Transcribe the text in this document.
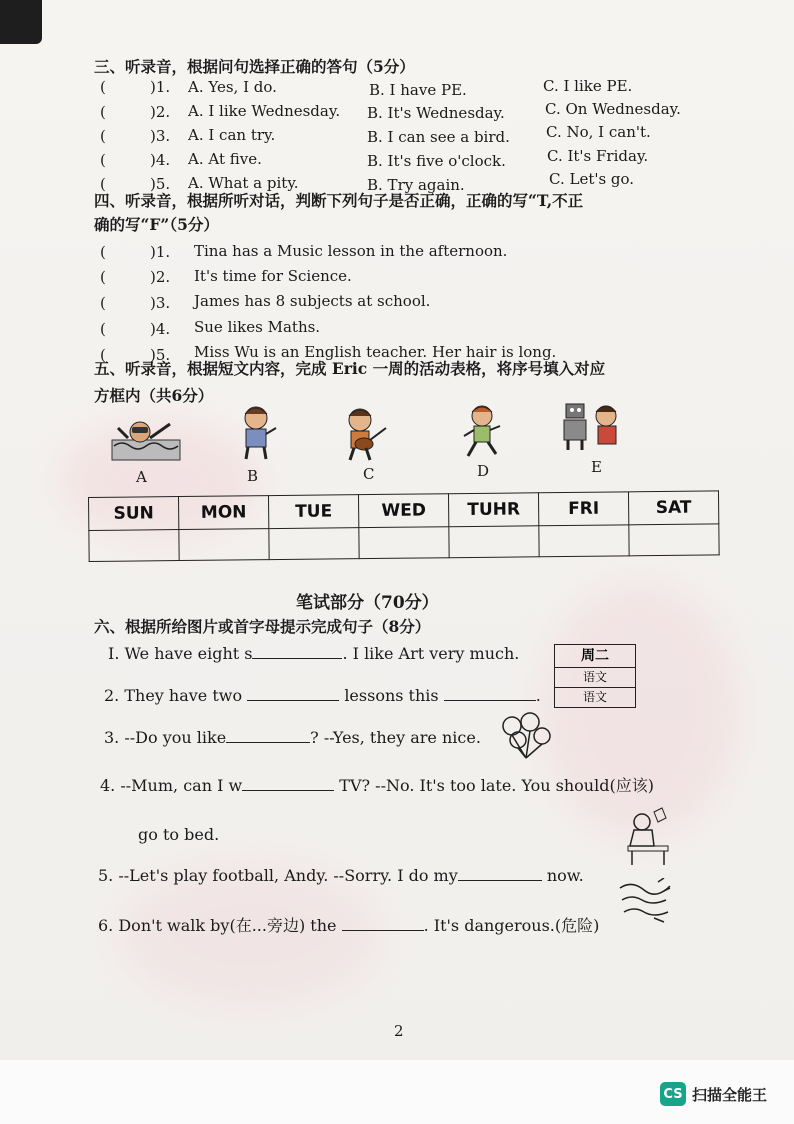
三、听录音，根据问句选择正确的答句（5分）
(	)1. A. Yes, I do.	B. I have PE.	C. I like PE.
(	)2. A. I like Wednesday. B. It's Wednesday.	C. On Wednesday.
(	)3. A. I can try.	B. I can see a bird. C. No, I can't.
(	)4. A. At five.	B. It's five o'clock.	C. It's Friday.
(	)5. A. What a pity.	B. Try again.	C. Let's go.
四、听录音，根据所听对话，判断下列句子是否正确，正确的写“T,不正
确的写“F”（5分）
(	)1. Tina has a Music lesson in the afternoon.
(	)2. It's time for Science.
(	)3. James has 8 subjects at school.
(	)4. Sue likes Maths.
(	)5. Miss Wu is an English teacher. Her hair is long.
五、听录音，根据短文内容，完成 Eric 一周的活动表格，将序号填入对应
方框内（共6分）
A	B	C	D	E
SUN	MON	TUE	WED	TUHR	FRI	SAT

笔试部分（70分）
六、根据所给图片或首字母提示完成句子（8分）
I. We have eight s	. I like Art very much.	周二
语文
语文
2. They have two	lessons this	.
3. --Do you like	? --Yes, they are nice.
4. --Mum, can I w	TV? --No. It's too late. You should(应该)
go to bed.
5. --Let's play football, Andy. --Sorry. I do my	now.
6. Don't walk by(在...旁边) the	. It's dangerous.(危险)
2
CS 扫描全能王
